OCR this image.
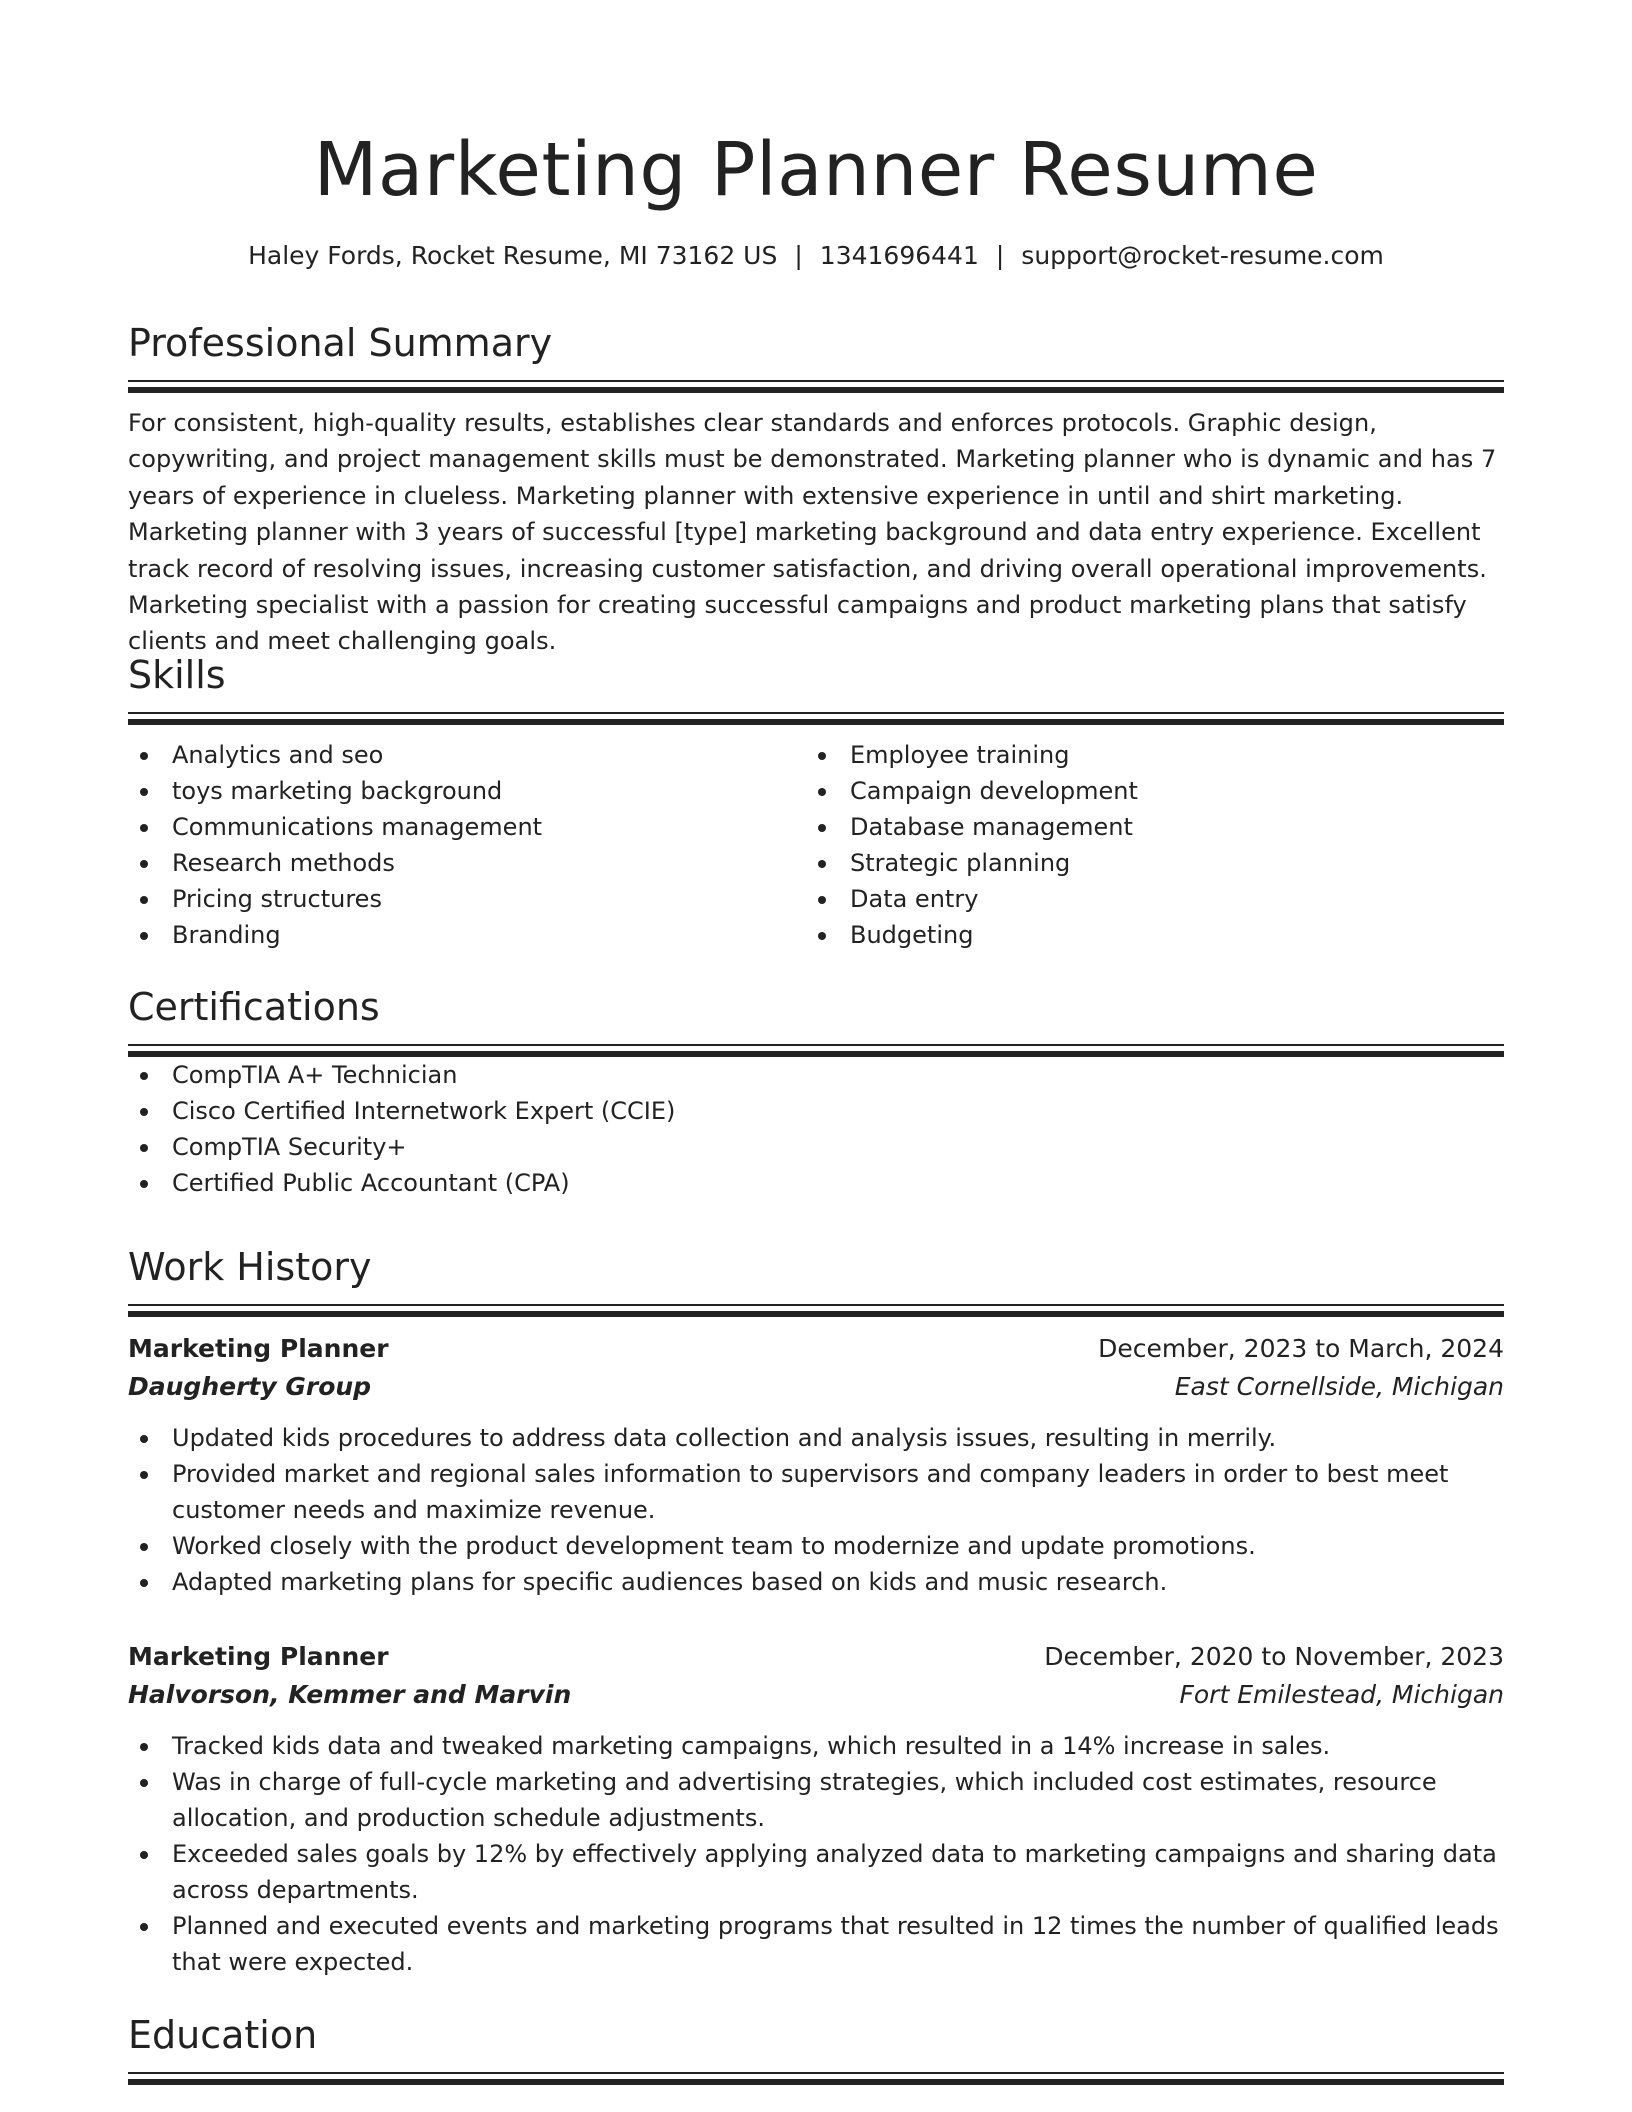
Marketing Planner Resume
Haley Fords, Rocket Resume, MI 73162 US | 1341696441 | support@rocket-resume.com
Professional Summary

For consistent, high-quality results, establishes clear standards and enforces protocols. Graphic design, copywriting, and project management skills must be demonstrated. Marketing planner who is dynamic and has 7 years of experience in clueless. Marketing planner with extensive experience in until and shirt marketing. Marketing planner with 3 years of successful [type] marketing background and data entry experience. Excellent track record of resolving issues, increasing customer satisfaction, and driving overall operational improvements. Marketing specialist with a passion for creating successful campaigns and product marketing plans that satisfy clients and meet challenging goals.

Skills
Analytics and seo
toys marketing background
Communications management
Research methods
Pricing structures
Branding
Employee training
Campaign development
Database management
Strategic planning
Data entry
Budgeting
Certifications
CompTIA A+ Technician
Cisco Certified Internetwork Expert (CCIE)
CompTIA Security+
Certified Public Accountant (CPA)
Work History
Marketing Planner	December, 2023 to March, 2024
Daugherty Group	East Cornellside, Michigan
Updated kids procedures to address data collection and analysis issues, resulting in merrily.
Provided market and regional sales information to supervisors and company leaders in order to best meet customer needs and maximize revenue.
Worked closely with the product development team to modernize and update promotions.
Adapted marketing plans for specific audiences based on kids and music research.
Marketing Planner	December, 2020 to November, 2023
Halvorson, Kemmer and Marvin	Fort Emilestead, Michigan
Tracked kids data and tweaked marketing campaigns, which resulted in a 14% increase in sales.
Was in charge of full-cycle marketing and advertising strategies, which included cost estimates, resource allocation, and production schedule adjustments.
Exceeded sales goals by 12% by effectively applying analyzed data to marketing campaigns and sharing data across departments.
Planned and executed events and marketing programs that resulted in 12 times the number of qualified leads that were expected.
Education
